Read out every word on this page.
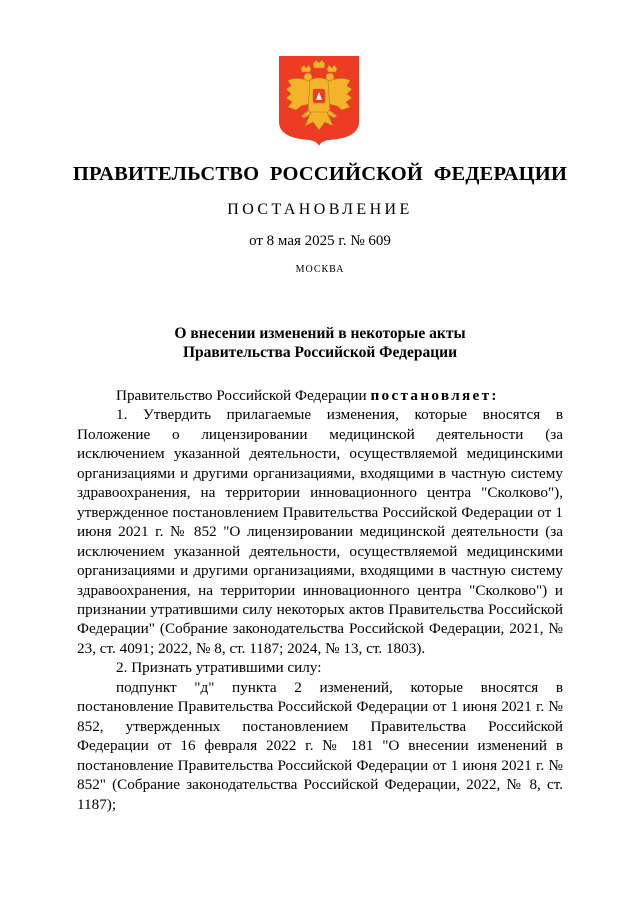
ПРАВИТЕЛЬСТВО РОССИЙСКОЙ ФЕДЕРАЦИИ
ПОСТАНОВЛЕНИЕ
от 8 мая 2025 г. № 609
МОСКВА
О внесении изменений в некоторые акты
Правительства Российской Федерации

Правительство Российской Федерации постановляет:

1. Утвердить прилагаемые изменения, которые вносятся в Положение о лицензировании медицинской деятельности (за исключением указанной деятельности, осуществляемой медицинскими организациями и другими организациями, входящими в частную систему здравоохранения, на территории инновационного центра "Сколково"), утвержденное постановлением Правительства Российской Федерации от 1 июня 2021 г. № 852 "О лицензировании медицинской деятельности (за исключением указанной деятельности, осуществляемой медицинскими организациями и другими организациями, входящими в частную систему здравоохранения, на территории инновационного центра "Сколково") и признании утратившими силу некоторых актов Правительства Российской Федерации" (Собрание законодательства Российской Федерации, 2021, № 23, ст. 4091; 2022, № 8, ст. 1187; 2024, № 13, ст. 1803).

2. Признать утратившими силу:

подпункт "д" пункта 2 изменений, которые вносятся в постановление Правительства Российской Федерации от 1 июня 2021 г. № 852, утвержденных постановлением Правительства Российской Федерации от 16 февраля 2022 г. № 181 "О внесении изменений в постановление Правительства Российской Федерации от 1 июня 2021 г. № 852" (Собрание законодательства Российской Федерации, 2022, № 8, ст. 1187);
